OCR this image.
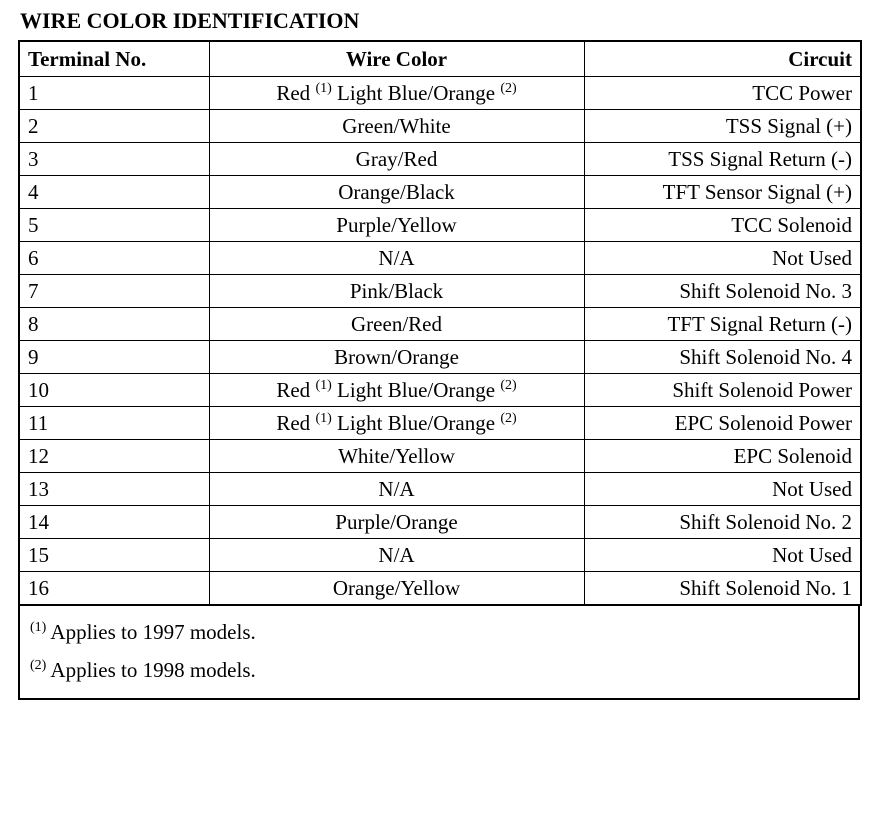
WIRE COLOR IDENTIFICATION
Terminal No.	Wire Color	Circuit
1	Red $^{(1)}$ Light Blue/Orange $^{(2)}$	TCC Power
2	Green/White	TSS Signal (+)
3	Gray/Red	TSS Signal Return (-)
4	Orange/Black	TFT Sensor Signal (+)
5	Purple/Yellow	TCC Solenoid
6	N/A	Not Used
7	Pink/Black	Shift Solenoid No. 3
8	Green/Red	TFT Signal Return (-)
9	Brown/Orange	Shift Solenoid No. 4
10	Red $^{(1)}$ Light Blue/Orange $^{(2)}$	Shift Solenoid Power
11	Red $^{(1)}$ Light Blue/Orange $^{(2)}$	EPC Solenoid Power
12	White/Yellow	EPC Solenoid
13	N/A	Not Used
14	Purple/Orange	Shift Solenoid No. 2
15	N/A	Not Used
16	Orange/Yellow	Shift Solenoid No. 1
$^{(1)}$ Applies to 1997 models.
$^{(2)}$ Applies to 1998 models.
